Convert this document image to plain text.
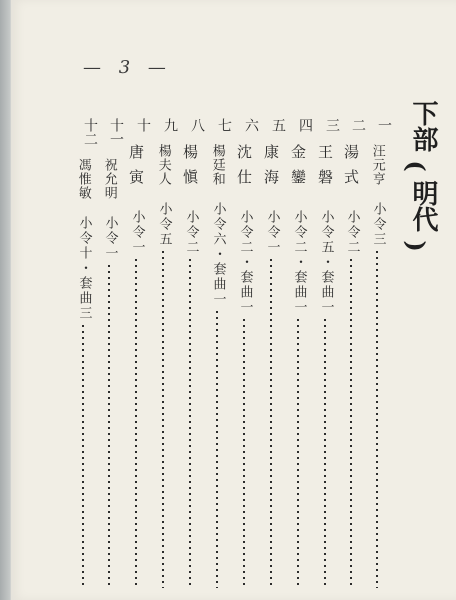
— 3 —
下部
(
明代
)
一
汪元亨
小令三
二
湯式
小令二
三
王磐
小令五・套曲一
四
金鑾
小令二・套曲一
五
康海
小令一
六
沈仕
小令二・套曲一
七
楊廷和
小令六・套曲一
八
楊愼
小令二
九
楊夫人
小令五
十
唐寅
小令一
十一
祝允明
小令一
十二
馮惟敏
小令十・套曲三
